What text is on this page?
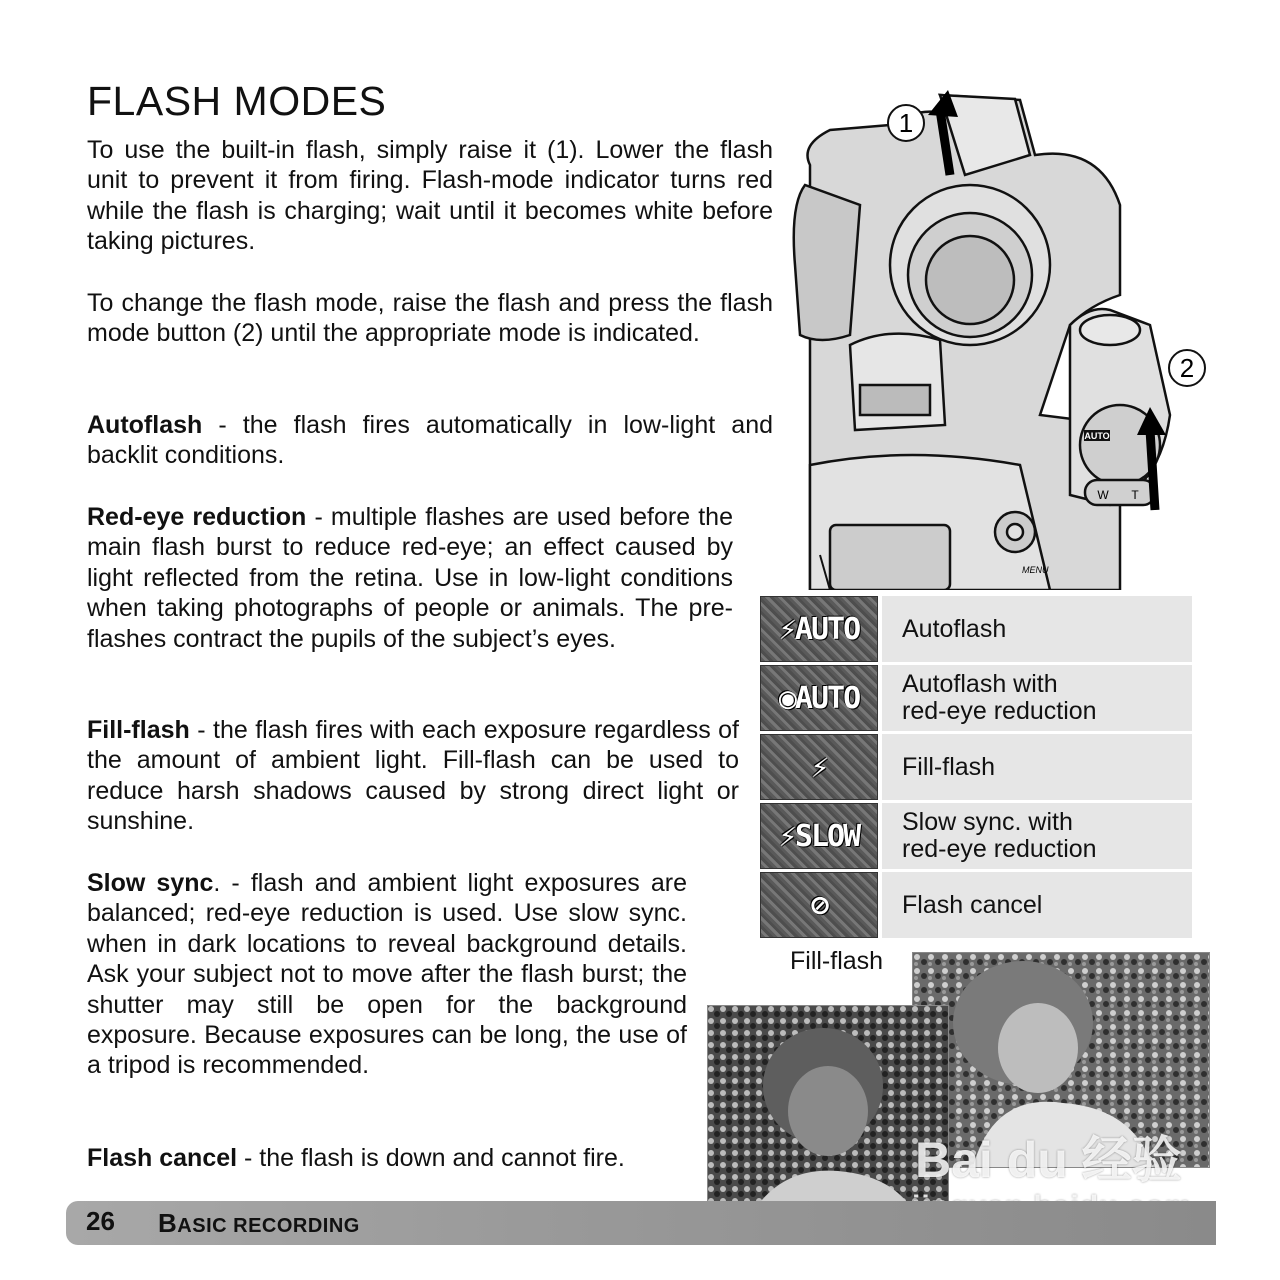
FLASH MODES

To use the built-in flash, simply raise it (1). Lower the flash unit to prevent it from firing. Flash-mode indicator turns red while the flash is charging; wait until it becomes white before taking pictures.

To change the flash mode, raise the flash and press the flash mode button (2) until the appropriate mode is indicated.

Autoflash - the flash fires automatically in low-light and backlit conditions.

Red-eye reduction - multiple flashes are used before the main flash burst to reduce red-eye; an effect caused by light reflected from the retina. Use in low-light conditions when taking photographs of people or animals. The pre-flashes contract the pupils of the subject’s eyes.

Fill-flash - the flash fires with each exposure regardless of the amount of ambient light. Fill-flash can be used to reduce harsh shadows caused by strong direct light or sunshine.

Slow sync. - flash and ambient light exposures are balanced; red-eye reduction is used. Use slow sync. when in dark locations to reveal background details. Ask your subject not to move after the flash burst; the shutter may still be open for the background exposure. Because exposures can be long, the use of a tripod is recommended.

Flash cancel - the flash is down and cannot fire.

1
2
AUTO
W T
MENU
⚡AUTO	Autoflash
◉AUTO	Autoflash with
red-eye reduction
⚡	Fill-flash
⚡SLOW	Slow sync. with
red-eye reduction
⊘	Flash cancel
Fill-flash
Bai du 经验
26 BASIC RECORDING
